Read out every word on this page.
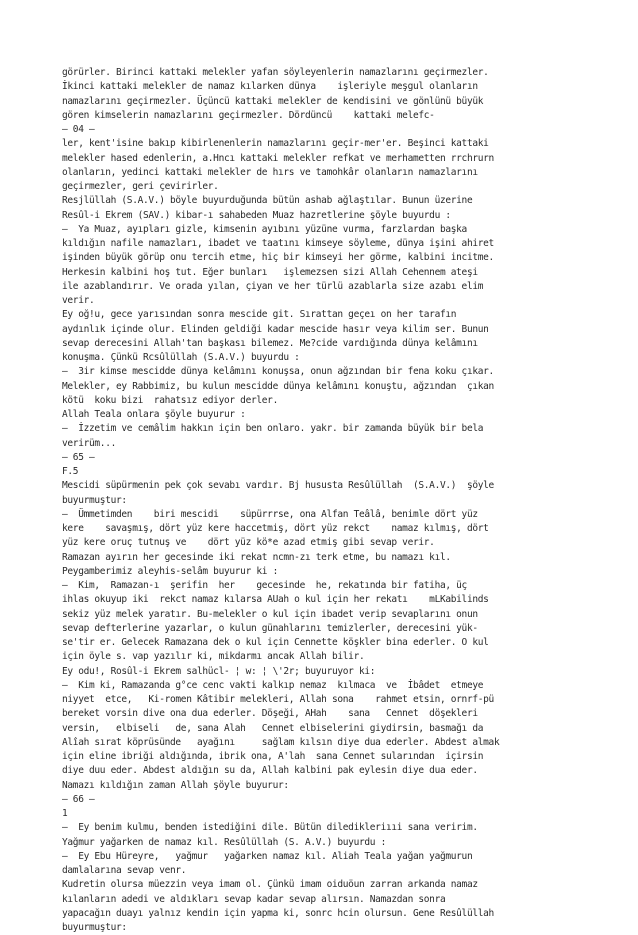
görürler. Birinci kattaki melekler yafan söyleyenlerin namazlarını geçirmezler.
İkinci kattaki melekler de namaz kılarken dünya    işleriyle meşgul olanların
namazlarını geçirmezler. Üçüncü kattaki melekler de kendisini ve gönlünü büyük
gören kimselerin namazlarını geçirmezler. Dördüncü    kattaki melefc-
— 04 —
ler, kent'isine bakıp kibirlenenlerin namazlarını geçir-mer'er. Beşinci kattaki
melekler hased edenlerin, a.Hncı kattaki melekler refkat ve merhametten rrchrurn
olanların, yedinci kattaki melekler de hırs ve tamohkâr olanların namazlarını
geçirmezler, geri çevirirler.
Resjlüllah (S.A.V.) böyle buyurduğunda bütün ashab ağlaştılar. Bunun üzerine
Resûl-i Ekrem (SAV.) kibar-ı sahabeden Muaz hazretlerine şöyle buyurdu :
—  Ya Muaz, ayıpları gizle, kimsenin ayıbını yüzüne vurma, farzlardan başka
kıldığın nafile namazları, ibadet ve taatını kimseye söyleme, dünya işini ahiret
işinden büyük görüp onu tercih etme, hiç bir kimseyi her görme, kalbini incitme.
Herkesin kalbini hoş tut. Eğer bunları   işlemezsen sizi Allah Cehennem ateşi
ile azablandırır. Ve orada yılan, çiyan ve her türlü azablarla size azabı elim
verir.
Ey oğ!u, gece yarısından sonra mescide git. Sırattan geçeı on her tarafın
aydınlık içinde olur. Elinden geldiği kadar mescide hasır veya kilim ser. Bunun
sevap derecesini Allah'tan başkası bilemez. Me?cide vardığında dünya kelâmını
konuşma. Çünkü Rcsûlüllah (S.A.V.) buyurdu :
—  3ir kimse mescidde dünya kelâmını konuşsa, onun ağzından bir fena koku çıkar.
Melekler, ey Rabbimiz, bu kulun mescidde dünya kelâmını konuştu, ağzından  çıkan
kötü  koku bizi  rahatsız ediyor derler.
Allah Teala onlara şöyle buyurur :
—  İzzetim ve cemâlim hakkın için ben onlaro. yakr. bir zamanda büyük bir bela
verirüm...
— 65 —
F.5
Mescidi süpürmenin pek çok sevabı vardır. Bj hususta Resûlüllah  (S.A.V.)  şöyle
buyurmuştur:
—  Ümmetimden    biri mescidi    süpürrrse, ona Alfan Teâlâ, benimle dört yüz
kere    savaşmış, dört yüz kere haccetmiş, dört yüz rekct    namaz kılmış, dört
yüz kere oruç tutnuş ve    dört yüz kö*e azad etmiş gibi sevap verir.
Ramazan ayırın her gecesinde iki rekat ncmn-zı terk etme, bu namazı kıl.
Peygamberimiz aleyhis-selâm buyurur ki :
—  Kim,  Ramazan-ı  şerifin  her    gecesinde  he, rekatında bir fatiha, üç
ihlas okuyup iki  rekct namaz kılarsa AUah o kul için her rekatı    mLKabilinds
sekiz yüz melek yaratır. Bu-melekler o kul için ibadet verip sevaplarını onun
sevap defterlerine yazarlar, o kulun günahlarını temizlerler, derecesini yük-
se'tir er. Gelecek Ramazana dek o kul için Cennette köşkler bina ederler. O kul
için öyle s. vap yazılır ki, mikdarmı ancak Allah bilir.
Ey odu!, Rosûl-i Ekrem salhücl- ¦ w: ¦ \'2r; buyuruyor ki:
—  Kim ki, Ramazanda g°ce cenc vakti kalkıp nemaz  kılmaca  ve  İbâdet  etmeye
niyyet  etce,   Ki-romen Kâtibir melekleri, Allah sona    rahmet etsin, ornrf-pü
bereket vorsin dive ona dua ederler. Döşeği, AHah    sana   Cennet  döşekleri
versin,   elbiseli   de, sana Alah   Cennet elbiselerini giydirsin, basmağı da
Alîah sırat köprüsünde   ayağını     sağlam kılsın diye dua ederler. Abdest almak
için eline ibriği aldığında, ibrik ona, A'lah  sana Cennet sularından  içirsin
diye duu eder. Abdest aldığın su da, Allah kalbini pak eylesin diye dua eder.
Namazı kıldığın zaman Allah şöyle buyurur:
— 66 —
1
—  Ey benim kulmu, benden istediğini dile. Bütün diledikleriııi sana veririm.
Yağmur yağarken de namaz kıl. Resûlüllah (S. A.V.) buyurdu :
—  Ey Ebu Hüreyre,   yağmur   yağarken namaz kıl. Aliah Teala yağan yağmurun
damlalarına sevap venr.
Kudretin olursa müezzin veya imam ol. Çünkü imam oiduöun zarran arkanda namaz
kılanların adedi ve aldıkları sevap kadar sevap alırsın. Namazdan sonra
yapacağın duayı yalnız kendin için yapma ki, sonrc hcin olursun. Gene Resûlüllah
buyurmuştur:
